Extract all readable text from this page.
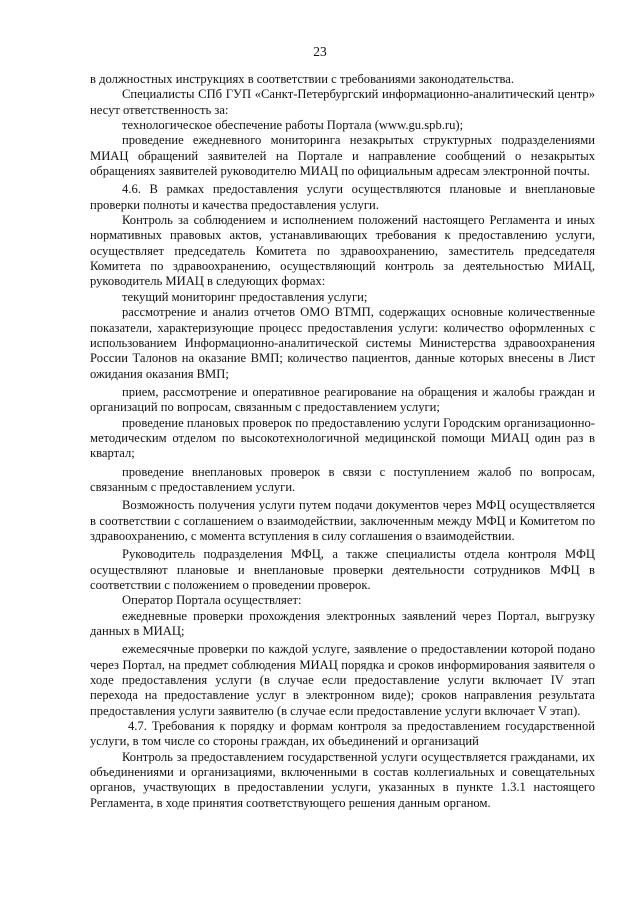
23

в должностных инструкциях в соответствии с требованиями законодательства.

Специалисты СПб ГУП «Санкт-Петербургский информационно-аналитический центр» несут ответственность за:

технологическое обеспечение работы Портала (www.gu.spb.ru);

проведение ежедневного мониторинга незакрытых структурных подразделениями МИАЦ обращений заявителей на Портале и направление сообщений о незакрытых обращениях заявителей руководителю МИАЦ по официальным адресам электронной почты.

4.6. В рамках предоставления услуги осуществляются плановые и внеплановые проверки полноты и качества предоставления услуги.

Контроль за соблюдением и исполнением положений настоящего Регламента и иных нормативных правовых актов, устанавливающих требования к предоставлению услуги, осуществляет председатель Комитета по здравоохранению, заместитель председателя Комитета по здравоохранению, осуществляющий контроль за деятельностью МИАЦ, руководитель МИАЦ в следующих формах:

текущий мониторинг предоставления услуги;

рассмотрение и анализ отчетов ОМО ВТМП, содержащих основные количественные показатели, характеризующие процесс предоставления услуги: количество оформленных с использованием Информационно-аналитической системы Министерства здравоохранения России Талонов на оказание ВМП; количество пациентов, данные которых внесены в Лист ожидания оказания ВМП;

прием, рассмотрение и оперативное реагирование на обращения и жалобы граждан и организаций по вопросам, связанным с предоставлением услуги;

проведение плановых проверок по предоставлению услуги Городским организационно-методическим отделом по высокотехнологичной медицинской помощи МИАЦ один раз в квартал;

проведение внеплановых проверок в связи с поступлением жалоб по вопросам, связанным с предоставлением услуги.

Возможность получения услуги путем подачи документов через МФЦ осуществляется в соответствии с соглашением о взаимодействии, заключенным между МФЦ и Комитетом по здравоохранению, с момента вступления в силу соглашения о взаимодействии.

Руководитель подразделения МФЦ, а также специалисты отдела контроля МФЦ осуществляют плановые и внеплановые проверки деятельности сотрудников МФЦ в соответствии с положением о проведении проверок.

Оператор Портала осуществляет:

ежедневные проверки прохождения электронных заявлений через Портал, выгрузку данных в МИАЦ;

ежемесячные проверки по каждой услуге, заявление о предоставлении которой подано через Портал, на предмет соблюдения МИАЦ порядка и сроков информирования заявителя о ходе предоставления услуги (в случае если предоставление услуги включает IV этап перехода на предоставление услуг в электронном виде); сроков направления результата предоставления услуги заявителю (в случае если предоставление услуги включает V этап).

4.7. Требования к порядку и формам контроля за предоставлением государственной услуги, в том числе со стороны граждан, их объединений и организаций

Контроль за предоставлением государственной услуги осуществляется гражданами, их объединениями и организациями, включенными в состав коллегиальных и совещательных органов, участвующих в предоставлении услуги, указанных в пункте 1.3.1 настоящего Регламента, в ходе принятия соответствующего решения данным органом.
